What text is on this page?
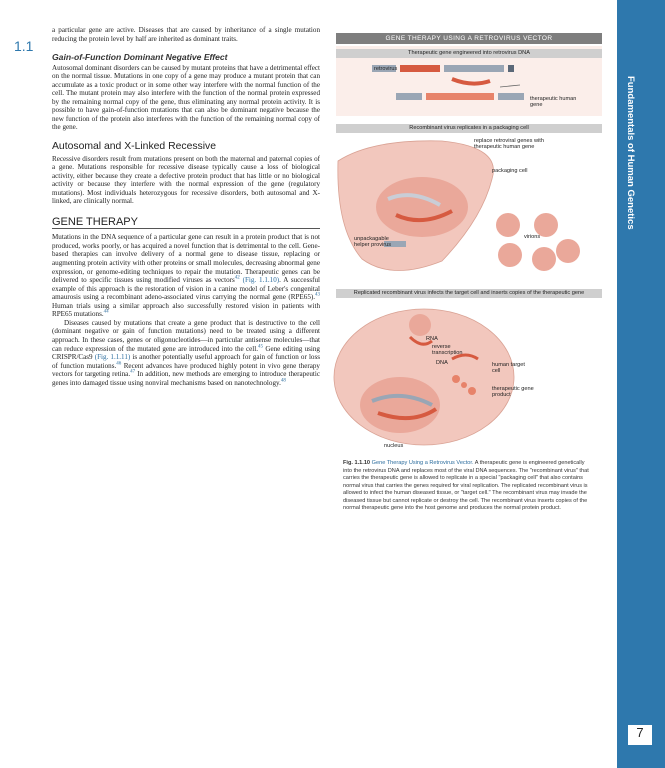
a particular gene are active. Diseases that are caused by inheritance of a single mutation reducing the protein level by half are inherited as dominant traits.

Gain-of-Function Dominant Negative Effect

Autosomal dominant disorders can be caused by mutant proteins that have a detrimental effect on the normal tissue. Mutations in one copy of a gene may produce a mutant protein that can accumulate as a toxic product or in some other way interfere with the normal function of the cell. The mutant protein may also interfere with the function of the normal protein expressed by the remaining normal copy of the gene, thus eliminating any normal protein activity. It is possible to have gain-of-function mutations that can also be dominant negative because the new function of the protein also interferes with the function of the remaining normal copy of the gene.

Autosomal and X-Linked Recessive

Recessive disorders result from mutations present on both the maternal and paternal copies of a gene. Mutations responsible for recessive disease typically cause a loss of biological activity, either because they create a defective protein product that has little or no biological activity or because they interfere with the normal expression of the gene (regulatory mutations). Most individuals heterozygous for recessive disorders, both autosomal and X-linked, are clinically normal.

GENE THERAPY

Mutations in the DNA sequence of a particular gene can result in a protein product that is not produced, works poorly, or has acquired a novel function that is detrimental to the cell. Gene-based therapies can involve delivery of a normal gene to disease tissue, replacing or augmenting protein activity with other proteins or small molecules, decreasing abnormal gene expression, or genome-editing techniques to repair the mutation. Therapeutic genes can be delivered to specific tissues using modified viruses as vectors$^{42}$ (Fig. 1.1.10). A successful example of this approach is the restoration of vision in a canine model of Leber's congenital amaurosis using a recombinant adeno-associated virus carrying the normal gene (RPE65).$^{43}$ Human trials using a similar approach also successfully restored vision in patients with RPE65 mutations.$^{44}$

Diseases caused by mutations that create a gene product that is destructive to the cell (dominant negative or gain of function mutations) need to be treated using a different approach. In these cases, genes or oligonucleotides—in particular antisense molecules—that can reduce expression of the mutated gene are introduced into the cell.$^{45}$ Gene editing using CRISPR/Cas9 (Fig. 1.1.11) is another potentially useful approach for gain of function or loss of function mutations.$^{46}$ Recent advances have produced highly potent in vivo gene therapy vectors for targeting retina.$^{47}$ In addition, new methods are emerging to introduce therapeutic genes into damaged tissue using nonviral mechanisms based on nanotechnology.$^{48}$

GENE THERAPY USING A RETROVIRUS VECTOR
Therapeutic gene engineered into retrovirus DNA
Recombinant virus replicates in a packaging cell
Replicated recombinant virus infects the target cell and inserts copies of the therapeutic gene
retrovirus
therapeutic human gene
replace retroviral genes with therapeutic human gene
packaging cell
unpackagable helper provirus
virions
RNA
reverse transcription
DNA	human target cell
therapeutic gene product
nucleus
Fig. 1.1.10 Gene Therapy Using a Retrovirus Vector. A therapeutic gene is engineered genetically into the retrovirus DNA and replaces most of the viral DNA sequences. The "recombinant virus" that carries the therapeutic gene is allowed to replicate in a special "packaging cell" that also contains normal virus that carries the genes required for viral replication. The replicated recombinant virus is allowed to infect the human diseased tissue, or "target cell." The recombinant virus may invade the diseased tissue but cannot replicate or destroy the cell. The recombinant virus inserts copies of the normal therapeutic gene into the host genome and produces the normal protein product.
1.1
Fundamentals of Human Genetics
7
